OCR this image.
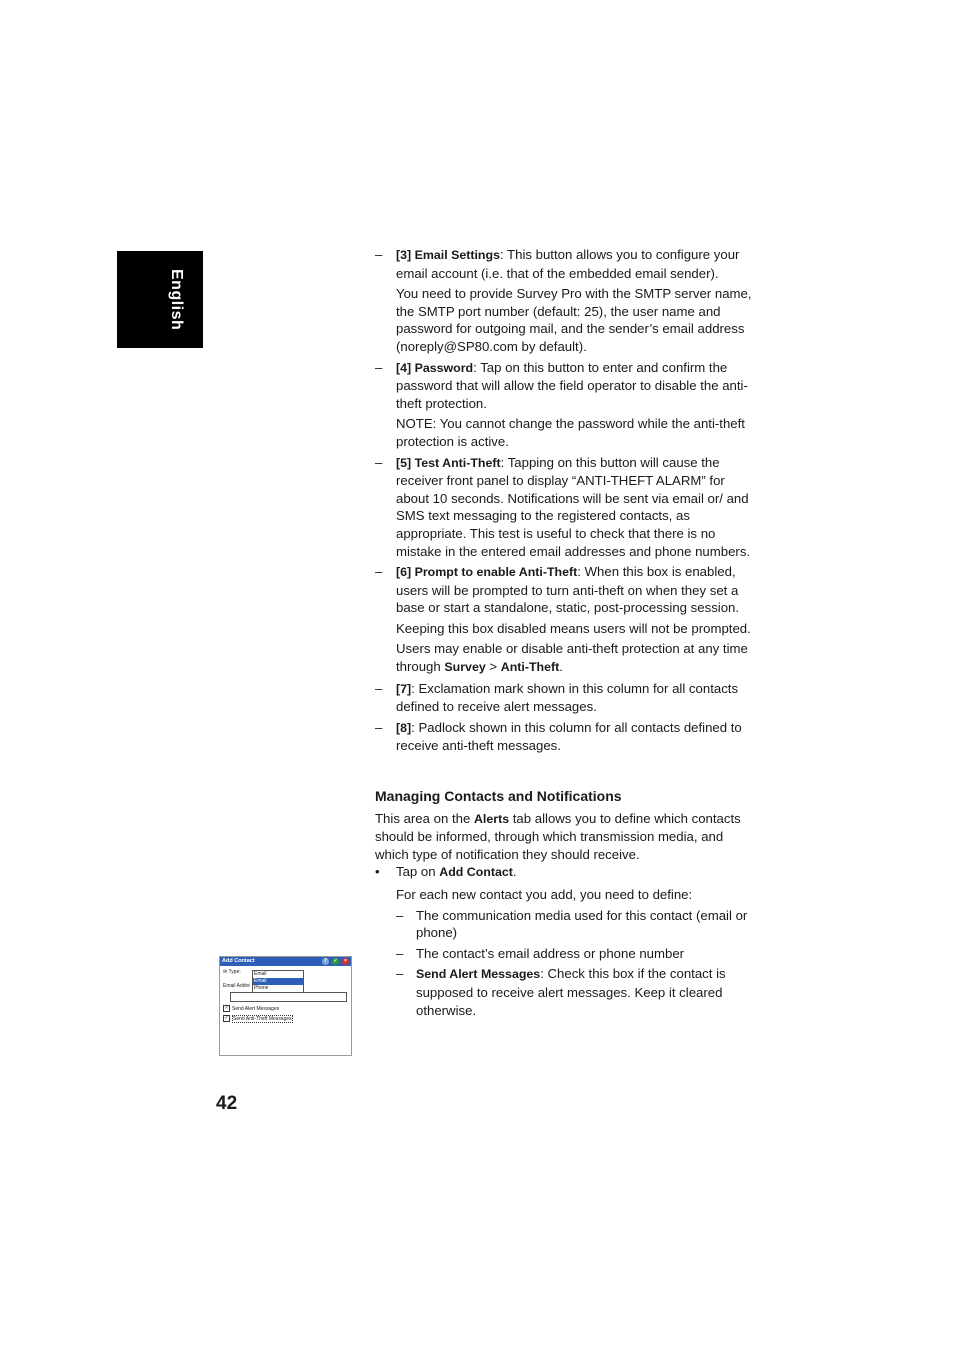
English
– [3] Email Settings: This button allows you to configure your email account (i.e. that of the embedded email sender).
You need to provide Survey Pro with the SMTP server name, the SMTP port number (default: 25), the user name and password for outgoing mail, and the sender’s email address (noreply@SP80.com by default).
– [4] Password: Tap on this button to enter and confirm the password that will allow the field operator to disable the anti-theft protection.
NOTE: You cannot change the password while the anti-theft protection is active.
– [5] Test Anti-Theft: Tapping on this button will cause the receiver front panel to display “ANTI-THEFT ALARM” for about 10 seconds. Notifications will be sent via email or/ and SMS text messaging to the registered contacts, as appropriate. This test is useful to check that there is no mistake in the entered email addresses and phone numbers.
– [6] Prompt to enable Anti-Theft: When this box is enabled, users will be prompted to turn anti-theft on when they set a base or start a standalone, static, post-processing session.
Keeping this box disabled means users will not be prompted.
Users may enable or disable anti-theft protection at any time through Survey > Anti-Theft.
– [7]: Exclamation mark shown in this column for all contacts defined to receive alert messages.
– [8]: Padlock shown in this column for all contacts defined to receive anti-theft messages.
Managing Contacts and Notifications
This area on the Alerts tab allows you to define which contacts should be informed, through which transmission media, and which type of notification they should receive.
• Tap on Add Contact.
For each new contact you add, you need to define:
– The communication media used for this contact (email or phone)
– The contact’s email address or phone number
– Send Alert Messages: Check this box if the contact is supposed to receive alert messages. Keep it cleared otherwise.
Add Contact	?	✓	×
✉ Type:
Email Addre
Email
Email
Phone
✓ Send Alert Messages
✓ Send Anti-Theft Messages
42
